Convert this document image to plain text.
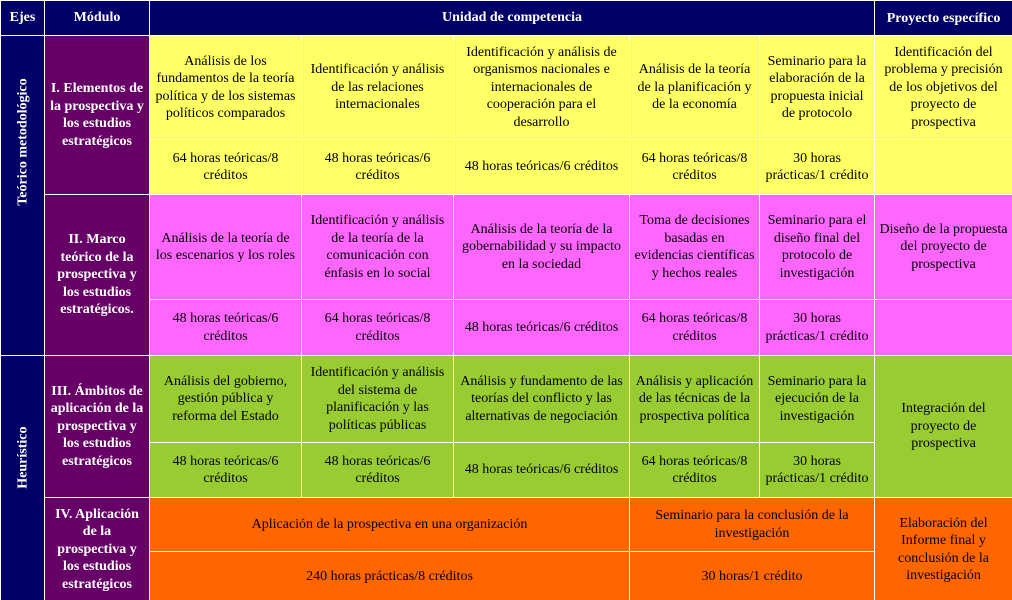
Ejes	Módulo	Unidad de competencia					Proyecto específico

Teórico metodológico	I. Elementos de la prospectiva y los estudios estratégicos	Análisis de los fundamentos de la teoría política y de los sistemas políticos comparados	Identificación y análisis de las relaciones internacionales	Identificación y análisis de organismos nacionales e internacionales de cooperación para el desarrollo	Análisis de la teoría de la planificación y de la economía	Seminario para la elaboración de la propuesta inicial de protocolo	Identificación del problema y precisión de los objetivos del proyecto de prospectiva
		64 horas teóricas/8 créditos	48 horas teóricas/6 créditos	48 horas teóricas/6 créditos	64 horas teóricas/8 créditos	30 horas prácticas/1 crédito	
	II. Marco teórico de la prospectiva y los estudios estratégicos.	Análisis de la teoría de los escenarios y los roles	Identificación y análisis de la teoría de la comunicación con énfasis en lo social	Análisis de la teoría de la gobernabilidad y su impacto en la sociedad	Toma de decisiones basadas en evidencias científicas y hechos reales	Seminario para el diseño final del protocolo de investigación	Diseño de la propuesta del proyecto de prospectiva
		48 horas teóricas/6 créditos	64 horas teóricas/8 créditos	48 horas teóricas/6 créditos	64 horas teóricas/8 créditos	30 horas prácticas/1 crédito	

Heurístico	III. Ámbitos de aplicación de la prospectiva y los estudios estratégicos	Análisis del gobierno, gestión pública y reforma del Estado	Identificación y análisis del sistema de planificación y las políticas públicas	Análisis y fundamento de las teorías del conflicto y las alternativas de negociación	Análisis y aplicación de las técnicas de la prospectiva política	Seminario para la ejecución de la investigación	Integración del proyecto de prospectiva
		48 horas teóricas/6 créditos	48 horas teóricas/6 créditos	48 horas teóricas/6 créditos	64 horas teóricas/8 créditos	30 horas prácticas/1 crédito	
	IV. Aplicación de la prospectiva y los estudios estratégicos	Aplicación de la prospectiva en una organización			Seminario para la conclusión de la investigación		Elaboración del Informe final y conclusión de la investigación
		240 horas prácticas/8 créditos			30 horas/1 crédito		
